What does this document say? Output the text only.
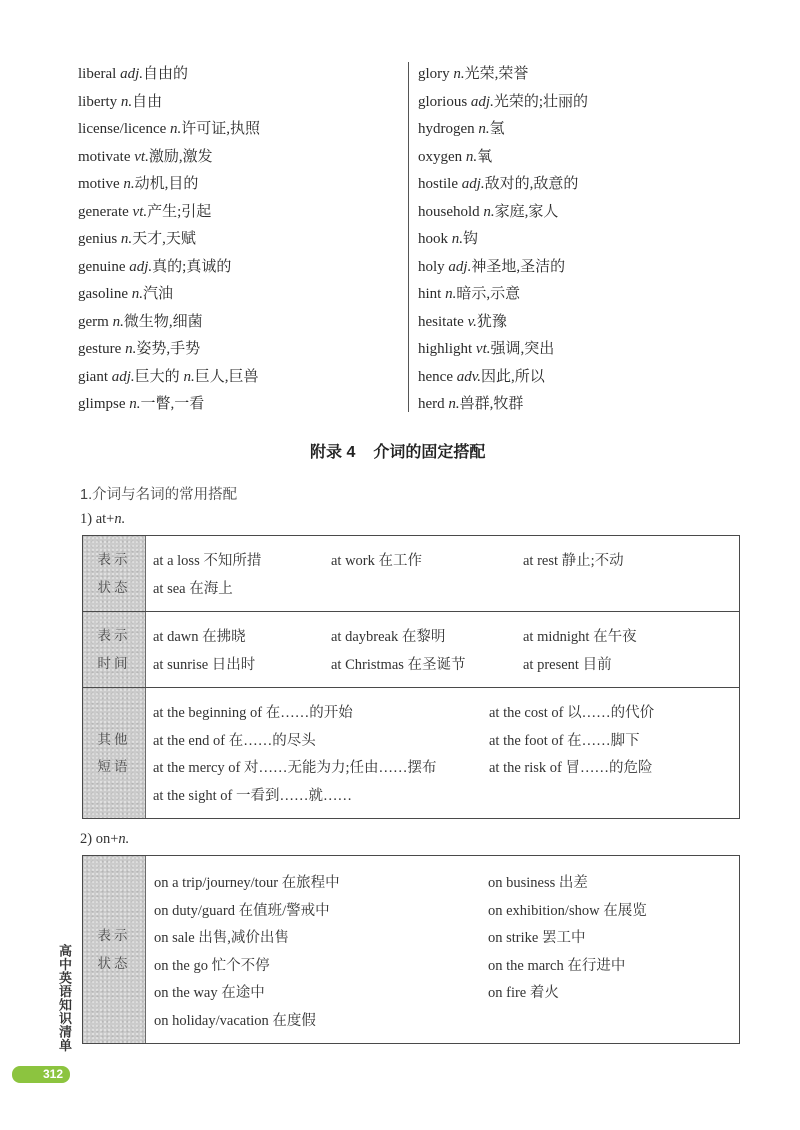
liberal adj.自由的
liberty n.自由
license/licence n.许可证,执照
motivate vt.激励,激发
motive n.动机,目的
generate vt.产生;引起
genius n.天才,天赋
genuine adj.真的;真诚的
gasoline n.汽油
germ n.微生物,细菌
gesture n.姿势,手势
giant adj.巨大的 n.巨人,巨兽
glimpse n.一瞥,一看
glory n.光荣,荣誉
glorious adj.光荣的;壮丽的
hydrogen n.氢
oxygen n.氧
hostile adj.敌对的,敌意的
household n.家庭,家人
hook n.钩
holy adj.神圣地,圣洁的
hint n.暗示,示意
hesitate v.犹豫
highlight vt.强调,突出
hence adv.因此,所以
herd n.兽群,牧群
附录 4 介词的固定搭配
1.介词与名词的常用搭配
1) at+n.
表示
状态
at a loss 不知所措
at sea 在海上
at work 在工作	at rest 静止;不动
表示
时间
at dawn 在拂晓
at sunrise 日出时
at daybreak 在黎明
at Christmas 在圣诞节
at midnight 在午夜
at present 目前
其他
短语
at the beginning of 在……的开始
at the end of 在……的尽头
at the mercy of 对……无能为力;任由……摆布
at the sight of 一看到……就……
at the cost of 以……的代价
at the foot of 在……脚下
at the risk of 冒……的危险
2) on+n.
表示
状态
on a trip/journey/tour 在旅程中
on duty/guard 在值班/警戒中
on sale 出售,减价出售
on the go 忙个不停
on the way 在途中
on holiday/vacation 在度假
on business 出差
on exhibition/show 在展览
on strike 罢工中
on the march 在行进中
on fire 着火
高中英语知识清单
312
